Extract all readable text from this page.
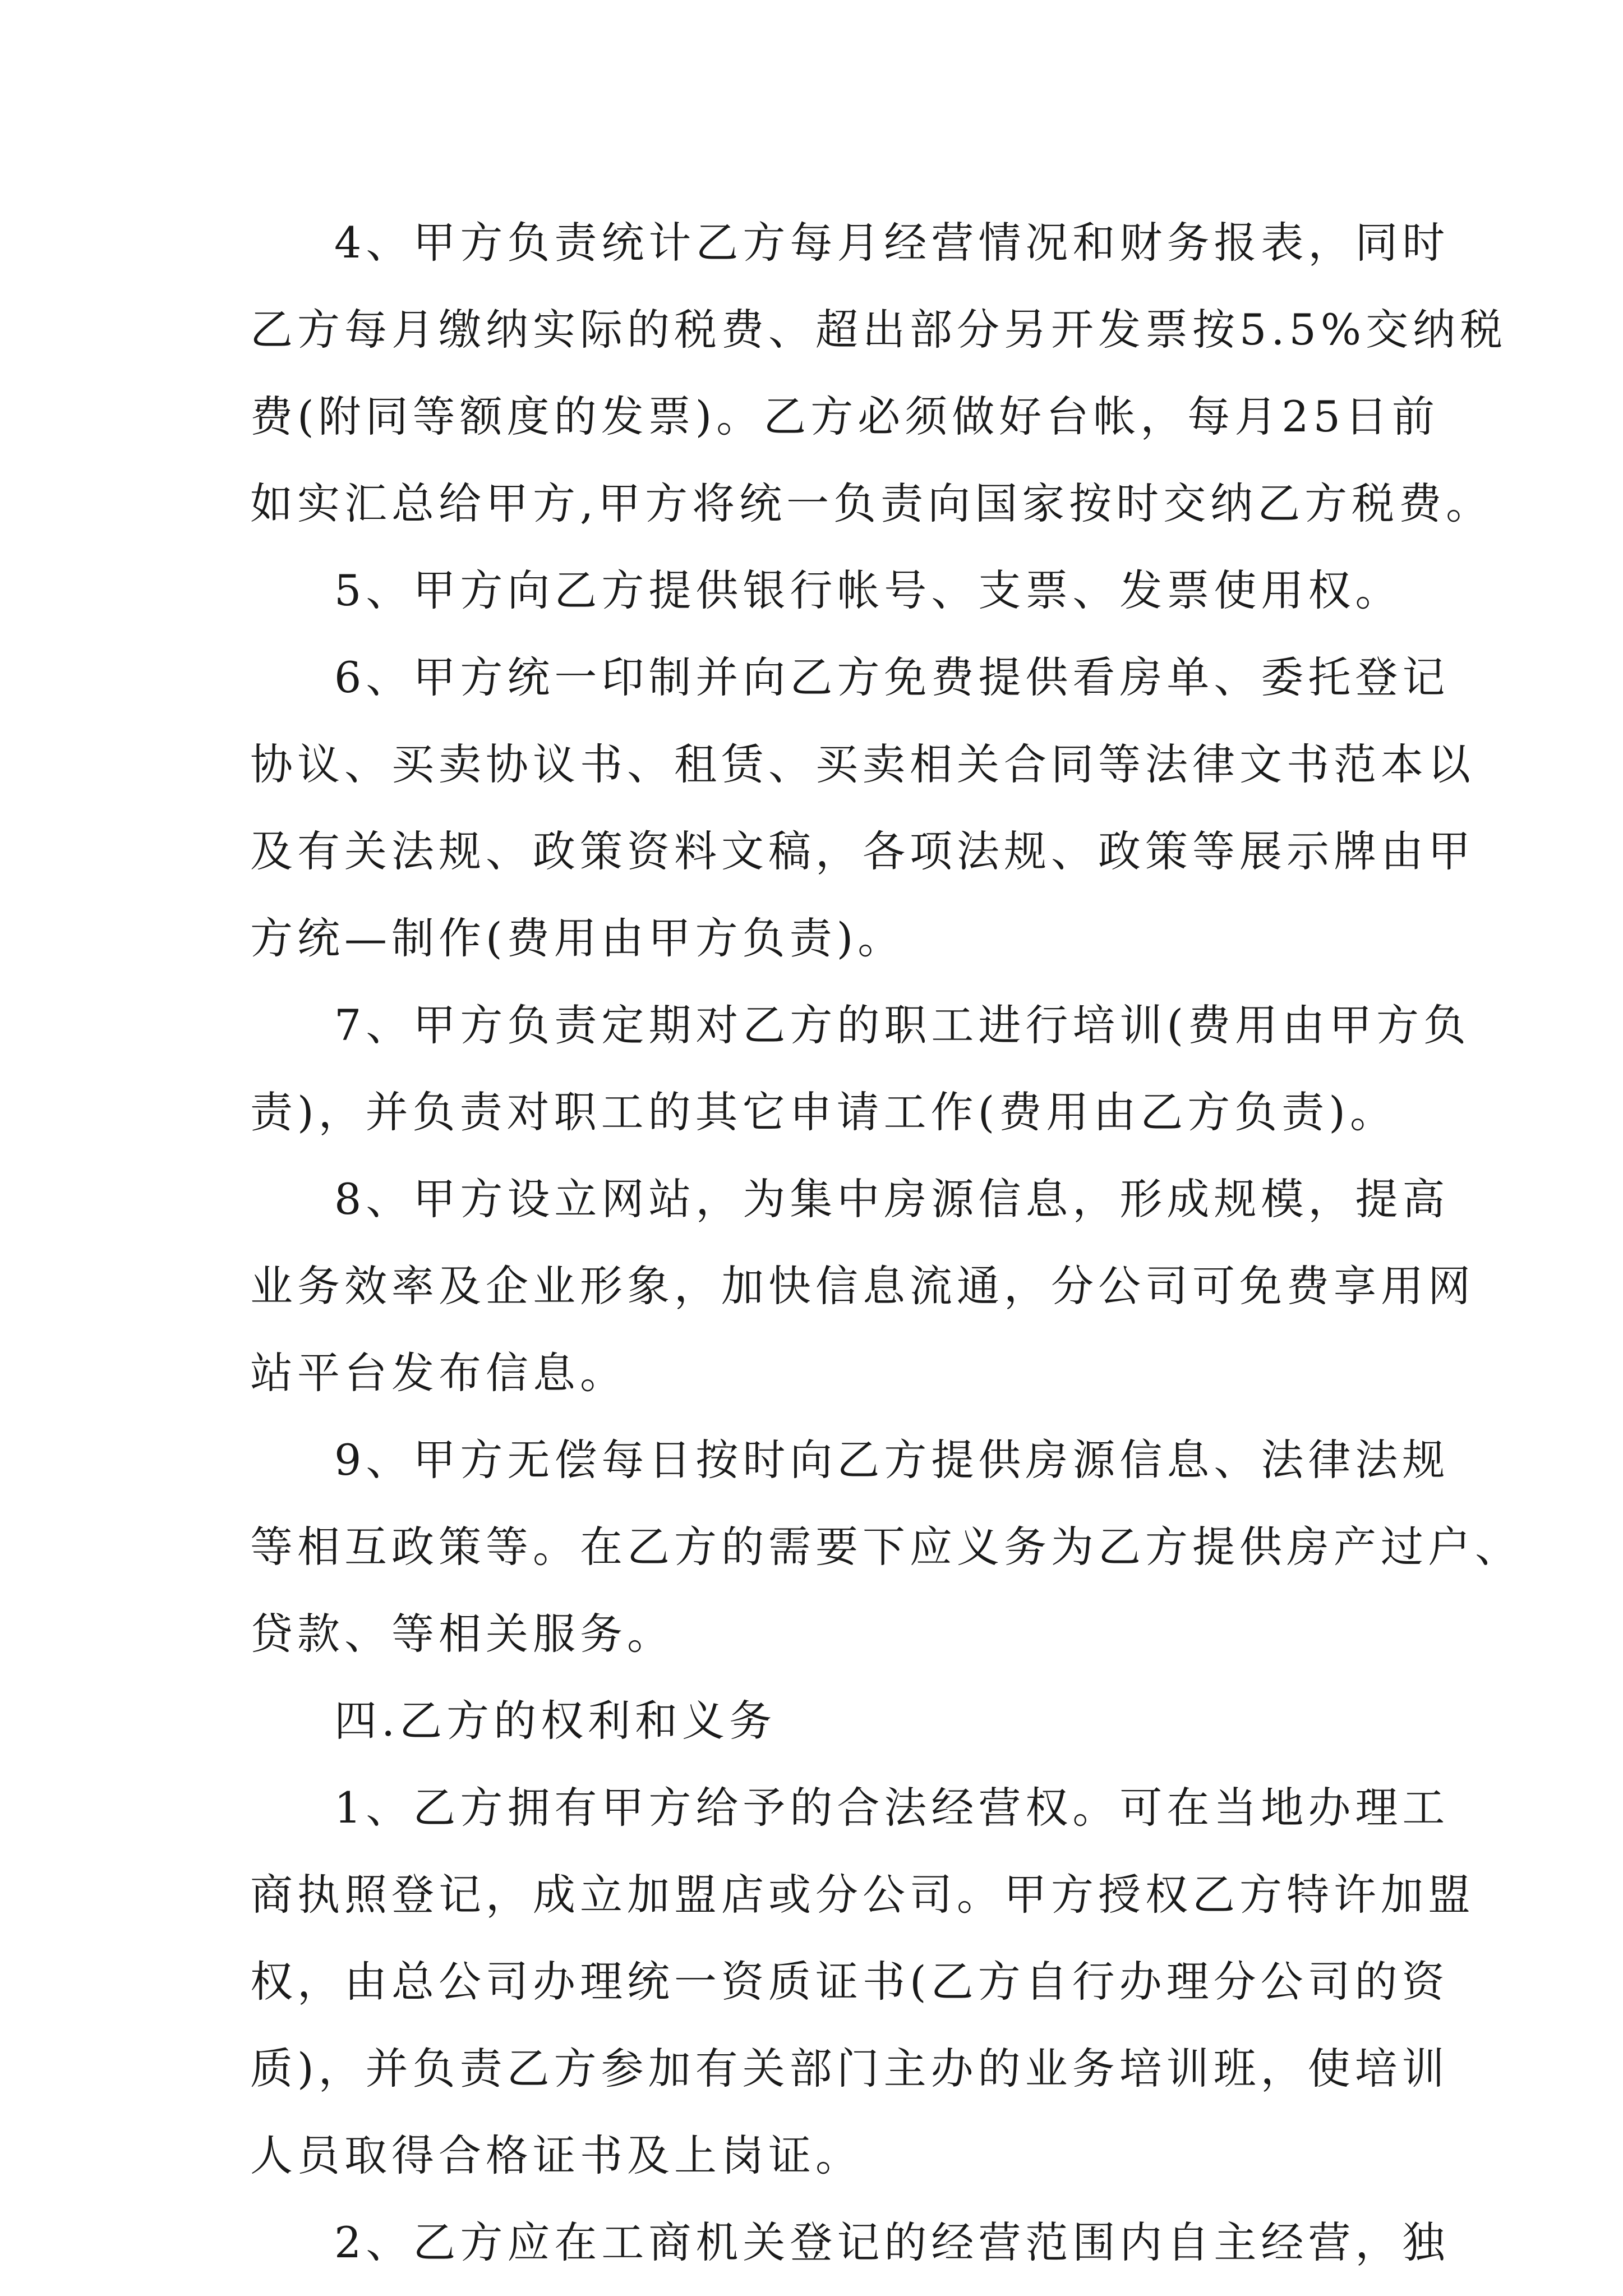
4、甲方负责统计乙方每月经营情况和财务报表，同时
乙方每月缴纳实际的税费、超出部分另开发票按5.5%交纳税
费(附同等额度的发票)。乙方必须做好台帐，每月25日前
如实汇总给甲方,甲方将统一负责向国家按时交纳乙方税费。
5、甲方向乙方提供银行帐号、支票、发票使用权。
6、甲方统一印制并向乙方免费提供看房单、委托登记
协议、买卖协议书、租赁、买卖相关合同等法律文书范本以
及有关法规、政策资料文稿，各项法规、政策等展示牌由甲
方统—制作(费用由甲方负责)。
7、甲方负责定期对乙方的职工进行培训(费用由甲方负
责)，并负责对职工的其它申请工作(费用由乙方负责)。
8、甲方设立网站，为集中房源信息，形成规模，提高
业务效率及企业形象，加快信息流通，分公司可免费享用网
站平台发布信息。
9、甲方无偿每日按时向乙方提供房源信息、法律法规
等相互政策等。在乙方的需要下应义务为乙方提供房产过户、
贷款、等相关服务。
四.乙方的权利和义务
1、乙方拥有甲方给予的合法经营权。可在当地办理工
商执照登记，成立加盟店或分公司。甲方授权乙方特许加盟
权，由总公司办理统一资质证书(乙方自行办理分公司的资
质)，并负责乙方参加有关部门主办的业务培训班，使培训
人员取得合格证书及上岗证。
2、乙方应在工商机关登记的经营范围内自主经营，独
